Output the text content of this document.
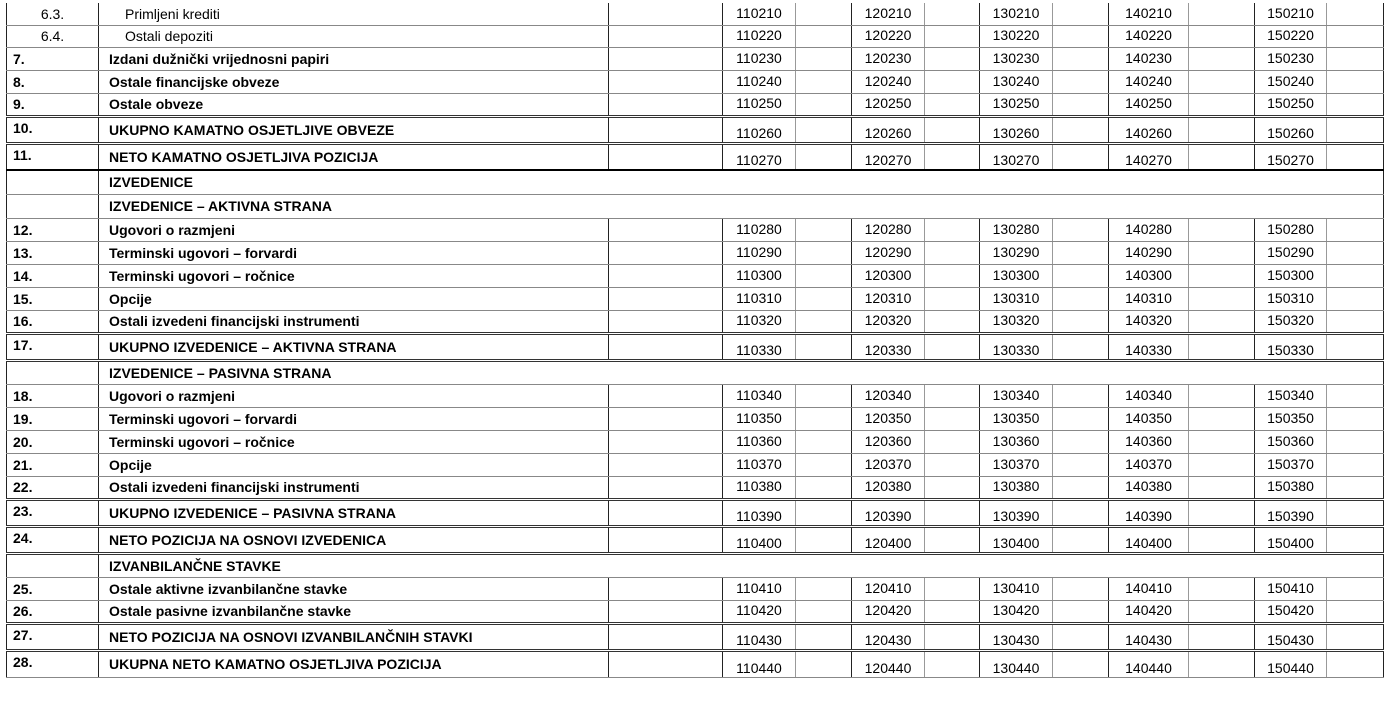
6.3.	Primljeni krediti		110210		120210		130210		140210		150210	
6.4.	Ostali depoziti		110220		120220		130220		140220		150220	
7.	Izdani dužnički vrijednosni papiri		110230		120230		130230		140230		150230	
8.	Ostale financijske obveze		110240		120240		130240		140240		150240	
9.	Ostale obveze		110250		120250		130250		140250		150250	
10.	UKUPNO KAMATNO OSJETLJIVE OBVEZE		110260		120260		130260		140260		150260	
11.	NETO KAMATNO OSJETLJIVA POZICIJA		110270		120270		130270		140270		150270	
	IZVEDENICE											
	IZVEDENICE – AKTIVNA STRANA											
12.	Ugovori o razmjeni		110280		120280		130280		140280		150280	
13.	Terminski ugovori – forvardi		110290		120290		130290		140290		150290	
14.	Terminski ugovori – ročnice		110300		120300		130300		140300		150300	
15.	Opcije		110310		120310		130310		140310		150310	
16.	Ostali izvedeni financijski instrumenti		110320		120320		130320		140320		150320	
17.	UKUPNO IZVEDENICE – AKTIVNA STRANA		110330		120330		130330		140330		150330	
	IZVEDENICE – PASIVNA STRANA											
18.	Ugovori o razmjeni		110340		120340		130340		140340		150340	
19.	Terminski ugovori – forvardi		110350		120350		130350		140350		150350	
20.	Terminski ugovori – ročnice		110360		120360		130360		140360		150360	
21.	Opcije		110370		120370		130370		140370		150370	
22.	Ostali izvedeni financijski instrumenti		110380		120380		130380		140380		150380	
23.	UKUPNO IZVEDENICE – PASIVNA STRANA		110390		120390		130390		140390		150390	
24.	NETO POZICIJA NA OSNOVI IZVEDENICA		110400		120400		130400		140400		150400	
	IZVANBILANČNE STAVKE											
25.	Ostale aktivne izvanbilančne stavke		110410		120410		130410		140410		150410	
26.	Ostale pasivne izvanbilančne stavke		110420		120420		130420		140420		150420	
27.	NETO POZICIJA NA OSNOVI IZVANBILANČNIH STAVKI		110430		120430		130430		140430		150430	
28.	UKUPNA NETO KAMATNO OSJETLJIVA POZICIJA		110440		120440		130440		140440		150440	
